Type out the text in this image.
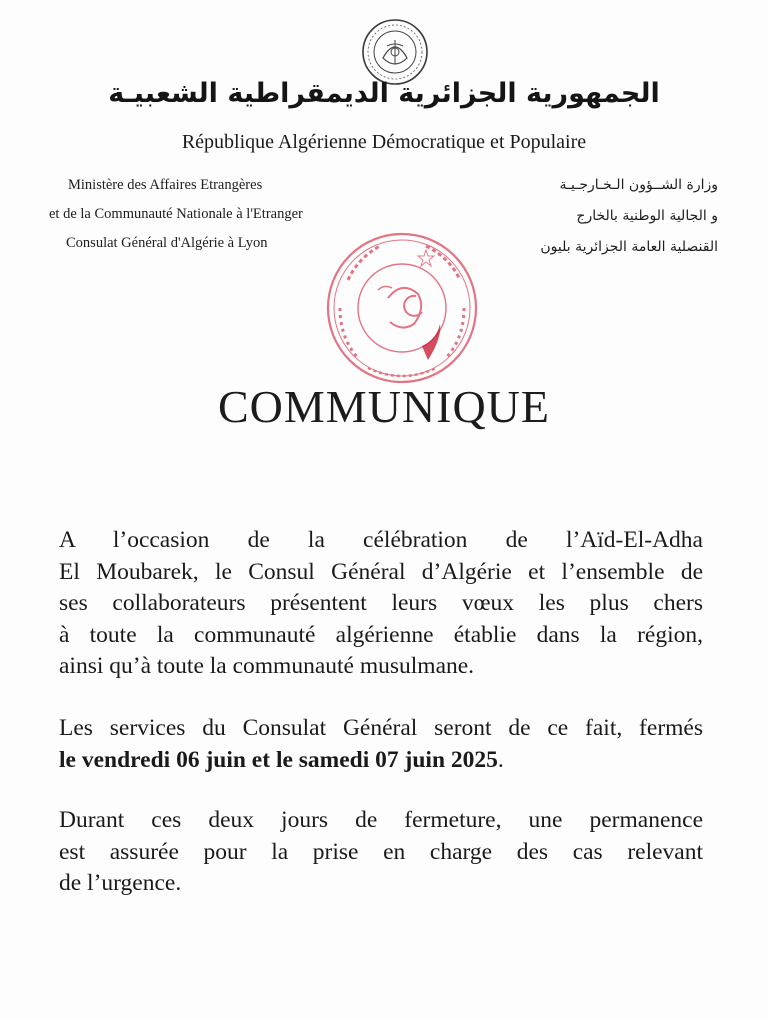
الجمهورية الجزائرية الديمقراطية الشعبيـة
République Algérienne Démocratique et Populaire
Ministère des Affaires Etrangères
et de la Communauté Nationale à l'Etranger
Consulat Général d'Algérie à Lyon
وزارة الشــؤون الـخـارجـيـة
و الجالية الوطنية بالخارج
القنصلية العامة الجزائرية بليون
COMMUNIQUE
A l’occasion de la célébration de l’Aïd-El-Adha
El Moubarek, le Consul Général d’Algérie et l’ensemble de
ses collaborateurs présentent leurs vœux les plus chers
à toute la communauté algérienne établie dans la région,
ainsi qu’à toute la communauté musulmane.
Les services du Consulat Général seront de ce fait, fermés
le vendredi 06 juin et le samedi 07 juin 2025.
Durant ces deux jours de fermeture, une permanence
est assurée pour la prise en charge des cas relevant
de l’urgence.
